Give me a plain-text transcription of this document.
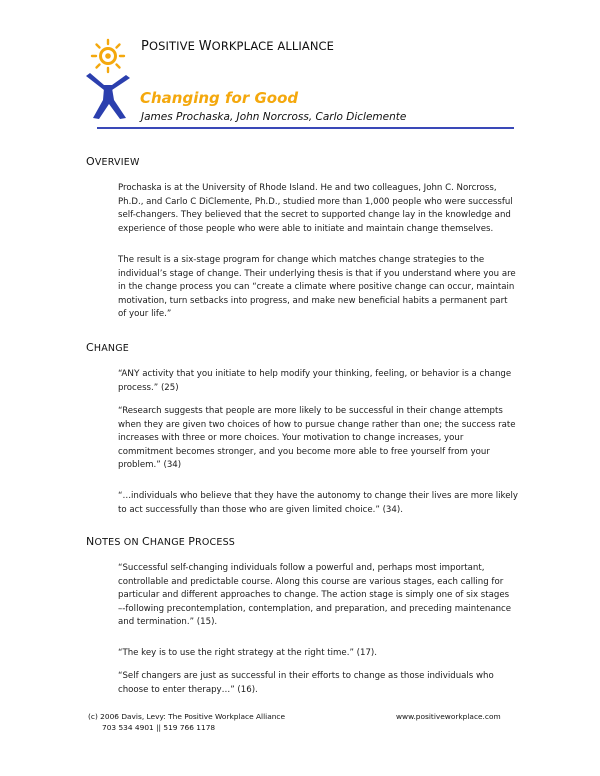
POSITIVE WORKPLACE ALLIANCE
Changing for Good
James Prochaska, John Norcross, Carlo Diclemente
OVERVIEW

Prochaska is at the University of Rhode Island. He and two colleagues, John C. Norcross, Ph.D., and Carlo C DiClemente, Ph.D., studied more than 1,000 people who were successful self-changers. They believed that the secret to supported change lay in the knowledge and experience of those people who were able to initiate and maintain change themselves.

The result is a six-stage program for change which matches change strategies to the individual’s stage of change. Their underlying thesis is that if you understand where you are in the change process you can “create a climate where positive change can occur, maintain motivation, turn setbacks into progress, and make new beneficial habits a permanent part of your life.”

CHANGE

“ANY activity that you initiate to help modify your thinking, feeling, or behavior is a change process.” (25)

“Research suggests that people are more likely to be successful in their change attempts when they are given two choices of how to pursue change rather than one; the success rate increases with three or more choices. Your motivation to change increases, your commitment becomes stronger, and you become more able to free yourself from your problem.” (34)

“…individuals who believe that they have the autonomy to change their lives are more likely to act successfully than those who are given limited choice.” (34).

NOTES ON CHANGE PROCESS

“Successful self-changing individuals follow a powerful and, perhaps most important, controllable and predictable course. Along this course are various stages, each calling for particular and different approaches to change. The action stage is simply one of six stages –-following precontemplation, contemplation, and preparation, and preceding maintenance and termination.” (15).

“The key is to use the right strategy at the right time.” (17).

“Self changers are just as successful in their efforts to change as those individuals who choose to enter therapy…” (16).

(c) 2006 Davis, Levy: The Positive Workplace Alliance
703 534 4901 || 519 766 1178
www.positiveworkplace.com
